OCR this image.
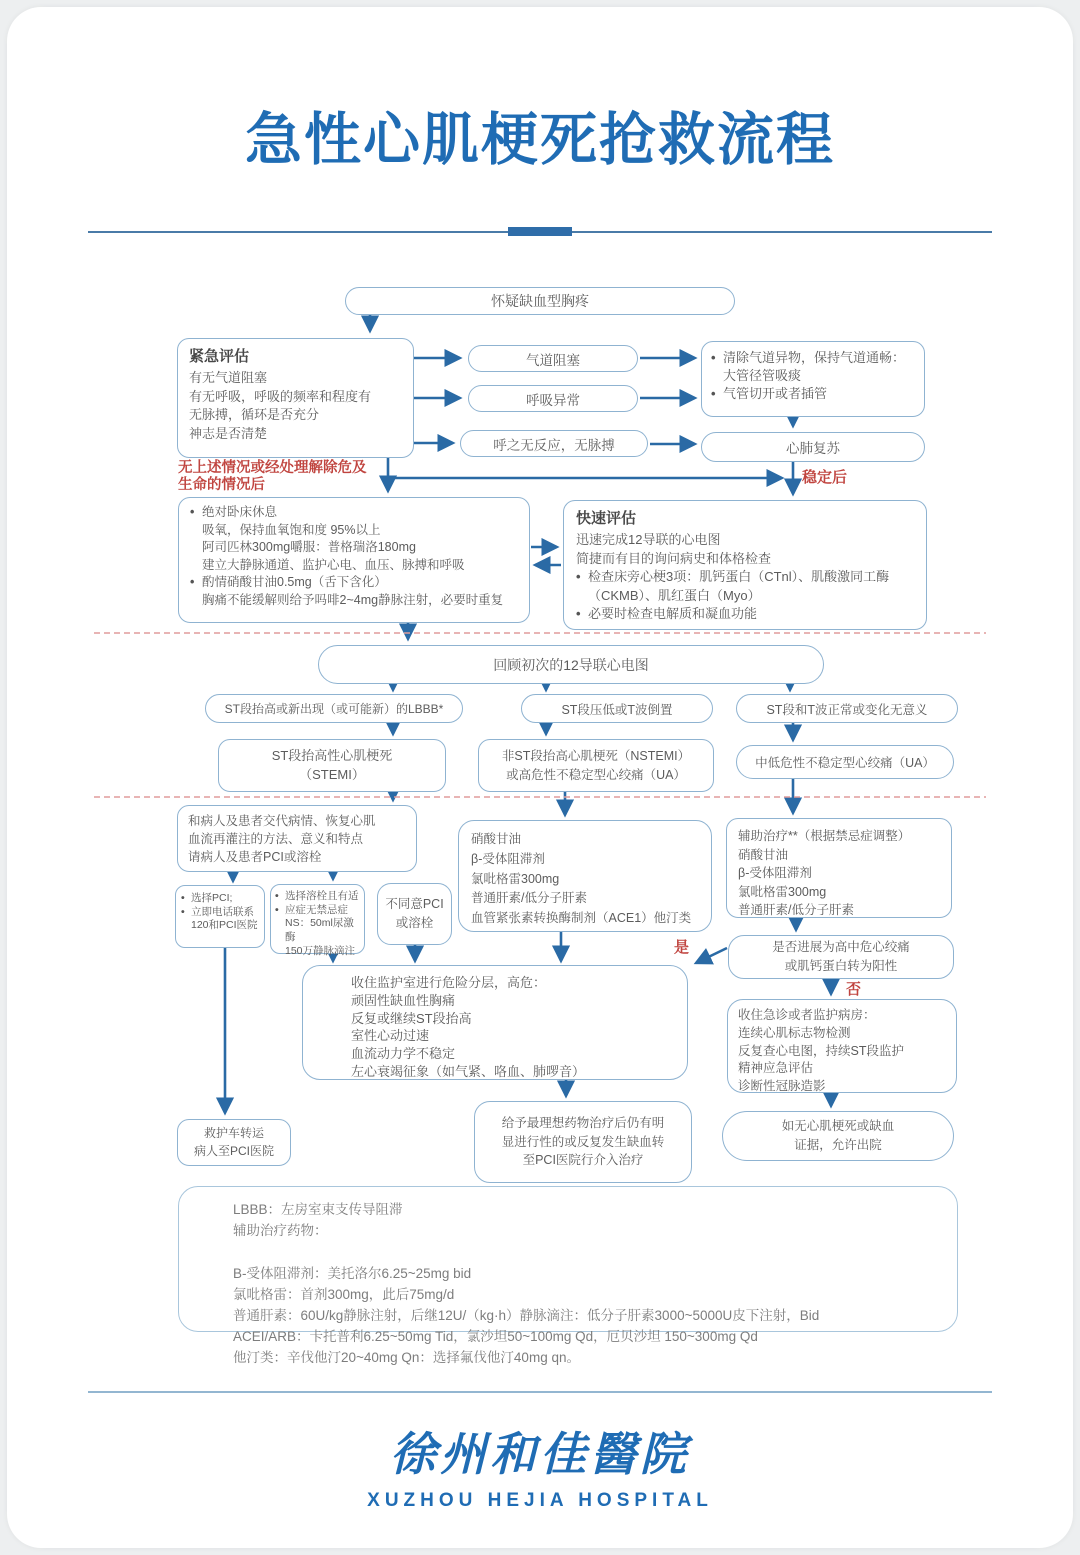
急性心肌梗死抢救流程
怀疑缺血型胸疼
紧急评估
有无气道阻塞
有无呼吸，呼吸的频率和程度有
无脉搏，循环是否充分
神志是否清楚
气道阻塞
呼吸异常
呼之无反应，无脉搏
• 清除气道异物，保持气道通畅：大管径管吸痰
• 气管切开或者插管
心肺复苏
无上述情况或经处理解除危及
生命的情况后	稳定后
• 绝对卧床休息
吸氧，保持血氧饱和度 95%以上
阿司匹林300mg嚼服：普格瑞洛180mg
建立大静脉通道、监护心电、血压、脉搏和呼吸
• 酌情硝酸甘油0.5mg（舌下含化）
胸痛不能缓解则给予吗啡2~4mg静脉注射，必要时重复
快速评估
迅速完成12导联的心电图
简捷而有目的询问病史和体格检查
• 检查床旁心梗3项：肌钙蛋白（CTnl）、肌酸激同工酶（CKMB）、肌红蛋白（Myo）
• 必要时检查电解质和凝血功能
回顾初次的12导联心电图
ST段抬高或新出现（或可能新）的LBBB*	ST段压低或T波倒置	ST段和T波正常或变化无意义
ST段抬高性心肌梗死
（STEMI）
非ST段抬高心肌梗死（NSTEMI）
或高危性不稳定型心绞痛（UA）
中低危性不稳定型心绞痛（UA）
和病人及患者交代病情、恢复心肌
血流再灌注的方法、意义和特点
请病人及患者PCI或溶栓
• 选择PCI;
• 立即电话联系
120和PCI医院
• 选择溶栓且有适
• 应症无禁忌症
NS：50ml尿激酶
150万静脉滴注
不同意PCI
或溶栓
硝酸甘油
β-受体阻滞剂
氯吡格雷300mg
普通肝素/低分子肝素
血管紧张素转换酶制剂（ACE1）他汀类
辅助治疗**（根据禁忌症调整）
硝酸甘油
β-受体阻滞剂
氯吡格雷300mg
普通肝素/低分子肝素
是否进展为高中危心绞痛
或肌钙蛋白转为阳性
是
否
收住监护室进行危险分层，高危：
顽固性缺血性胸痛
反复或继续ST段抬高
室性心动过速
血流动力学不稳定
左心衰竭征象（如气紧、咯血、肺啰音）
收住急诊或者监护病房：
连续心肌标志物检测
反复查心电图，持续ST段监护
精神应急评估
诊断性冠脉造影
如无心肌梗死或缺血
证据，允许出院
救护车转运
病人至PCI医院
给予最理想药物治疗后仍有明
显进行性的或反复发生缺血转
至PCI医院行介入治疗
LBBB：左房室束支传导阻滞
辅助治疗药物：
B-受体阻滞剂：美托洛尔6.25~25mg bid
氯吡格雷：首剂300mg，此后75mg/d
普通肝素：60U/kg静脉注射，后继12U/（kg·h）静脉滴注：低分子肝素3000~5000U皮下注射，Bid
ACEI/ARB：卡托普利6.25~50mg Tid，氯沙坦50~100mg Qd，厄贝沙坦 150~300mg Qd
他汀类：辛伐他汀20~40mg Qn：选择氟伐他汀40mg qn。
徐州和佳醫院
XUZHOU HEJIA HOSPITAL
